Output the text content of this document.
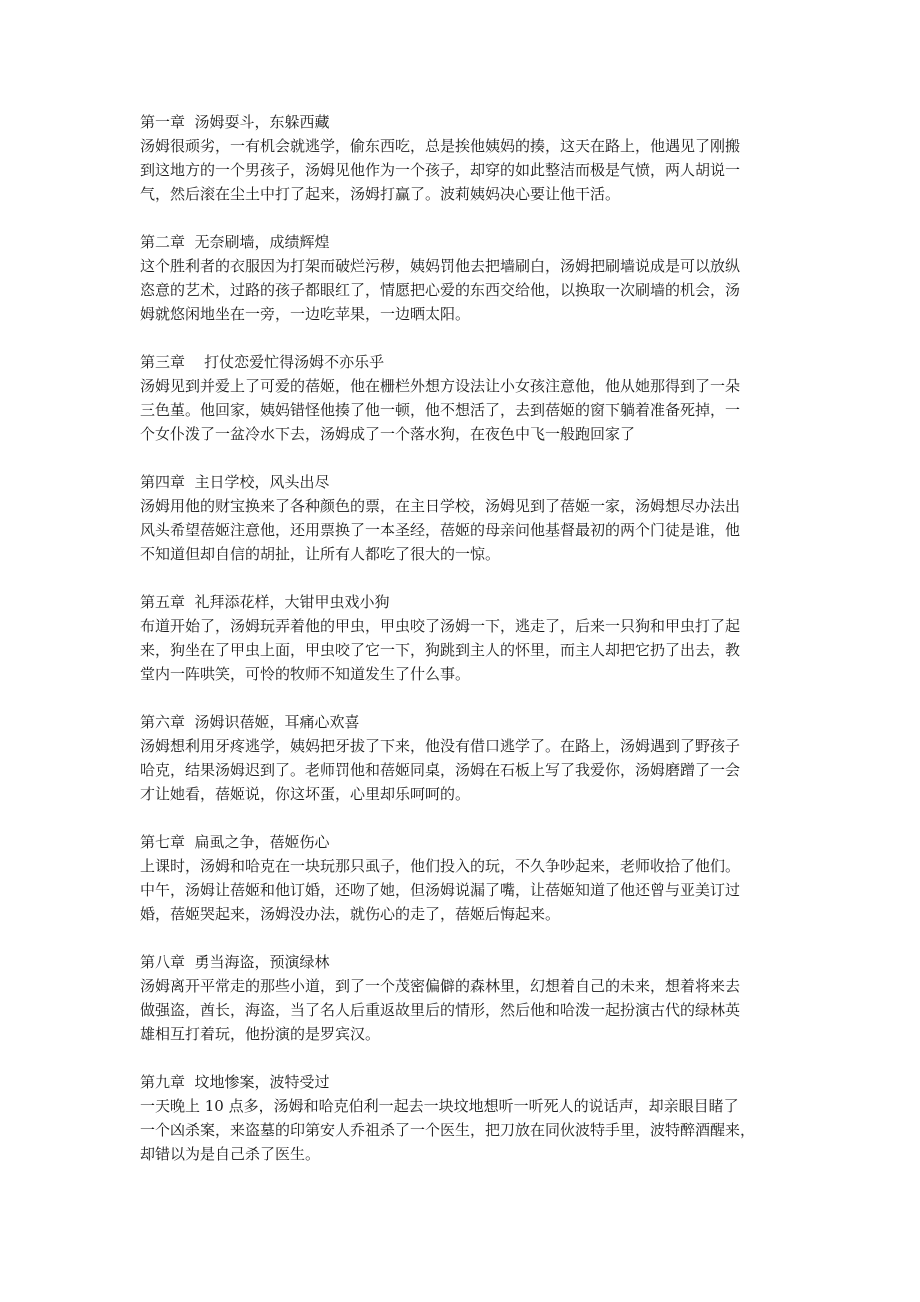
第一章  汤姆耍斗，东躲西藏

汤姆很顽劣，一有机会就逃学，偷东西吃，总是挨他姨妈的揍，这天在路上，他遇见了刚搬
到这地方的一个男孩子，汤姆见他作为一个孩子，却穿的如此整洁而极是气愤，两人胡说一
气，然后滚在尘土中打了起来，汤姆打赢了。波莉姨妈决心要让他干活。

第二章  无奈刷墙，成绩辉煌

这个胜利者的衣服因为打架而破烂污秽，姨妈罚他去把墙刷白，汤姆把刷墙说成是可以放纵
恣意的艺术，过路的孩子都眼红了，情愿把心爱的东西交给他，以换取一次刷墙的机会，汤
姆就悠闲地坐在一旁，一边吃苹果，一边晒太阳。

第三章    打仗恋爱忙得汤姆不亦乐乎

汤姆见到并爱上了可爱的蓓姬，他在栅栏外想方设法让小女孩注意他，他从她那得到了一朵
三色堇。他回家，姨妈错怪他揍了他一顿，他不想活了，去到蓓姬的窗下躺着准备死掉，一
个女仆泼了一盆冷水下去，汤姆成了一个落水狗，在夜色中飞一般跑回家了

第四章  主日学校，风头出尽

汤姆用他的财宝换来了各种颜色的票，在主日学校，汤姆见到了蓓姬一家，汤姆想尽办法出
风头希望蓓姬注意他，还用票换了一本圣经，蓓姬的母亲问他基督最初的两个门徒是谁，他
不知道但却自信的胡扯，让所有人都吃了很大的一惊。

第五章  礼拜添花样，大钳甲虫戏小狗

布道开始了，汤姆玩弄着他的甲虫，甲虫咬了汤姆一下，逃走了，后来一只狗和甲虫打了起
来，狗坐在了甲虫上面，甲虫咬了它一下，狗跳到主人的怀里，而主人却把它扔了出去，教
堂内一阵哄笑，可怜的牧师不知道发生了什么事。

第六章  汤姆识蓓姬，耳痛心欢喜

汤姆想利用牙疼逃学，姨妈把牙拔了下来，他没有借口逃学了。在路上，汤姆遇到了野孩子
哈克，结果汤姆迟到了。老师罚他和蓓姬同桌，汤姆在石板上写了我爱你，汤姆磨蹭了一会
才让她看，蓓姬说，你这坏蛋，心里却乐呵呵的。

第七章  扁虱之争，蓓姬伤心

上课时，汤姆和哈克在一块玩那只虱子，他们投入的玩，不久争吵起来，老师收拾了他们。
中午，汤姆让蓓姬和他订婚，还吻了她，但汤姆说漏了嘴，让蓓姬知道了他还曾与亚美订过
婚，蓓姬哭起来，汤姆没办法，就伤心的走了，蓓姬后悔起来。

第八章  勇当海盗，预演绿林

汤姆离开平常走的那些小道，到了一个茂密偏僻的森林里，幻想着自己的未来，想着将来去
做强盗，酋长，海盗，当了名人后重返故里后的情形，然后他和哈泼一起扮演古代的绿林英
雄相互打着玩，他扮演的是罗宾汉。

第九章  坟地惨案，波特受过

一天晚上 10 点多，汤姆和哈克伯利一起去一块坟地想听一听死人的说话声，却亲眼目睹了
一个凶杀案，来盗墓的印第安人乔祖杀了一个医生，把刀放在同伙波特手里，波特醉酒醒来，
却错以为是自己杀了医生。
